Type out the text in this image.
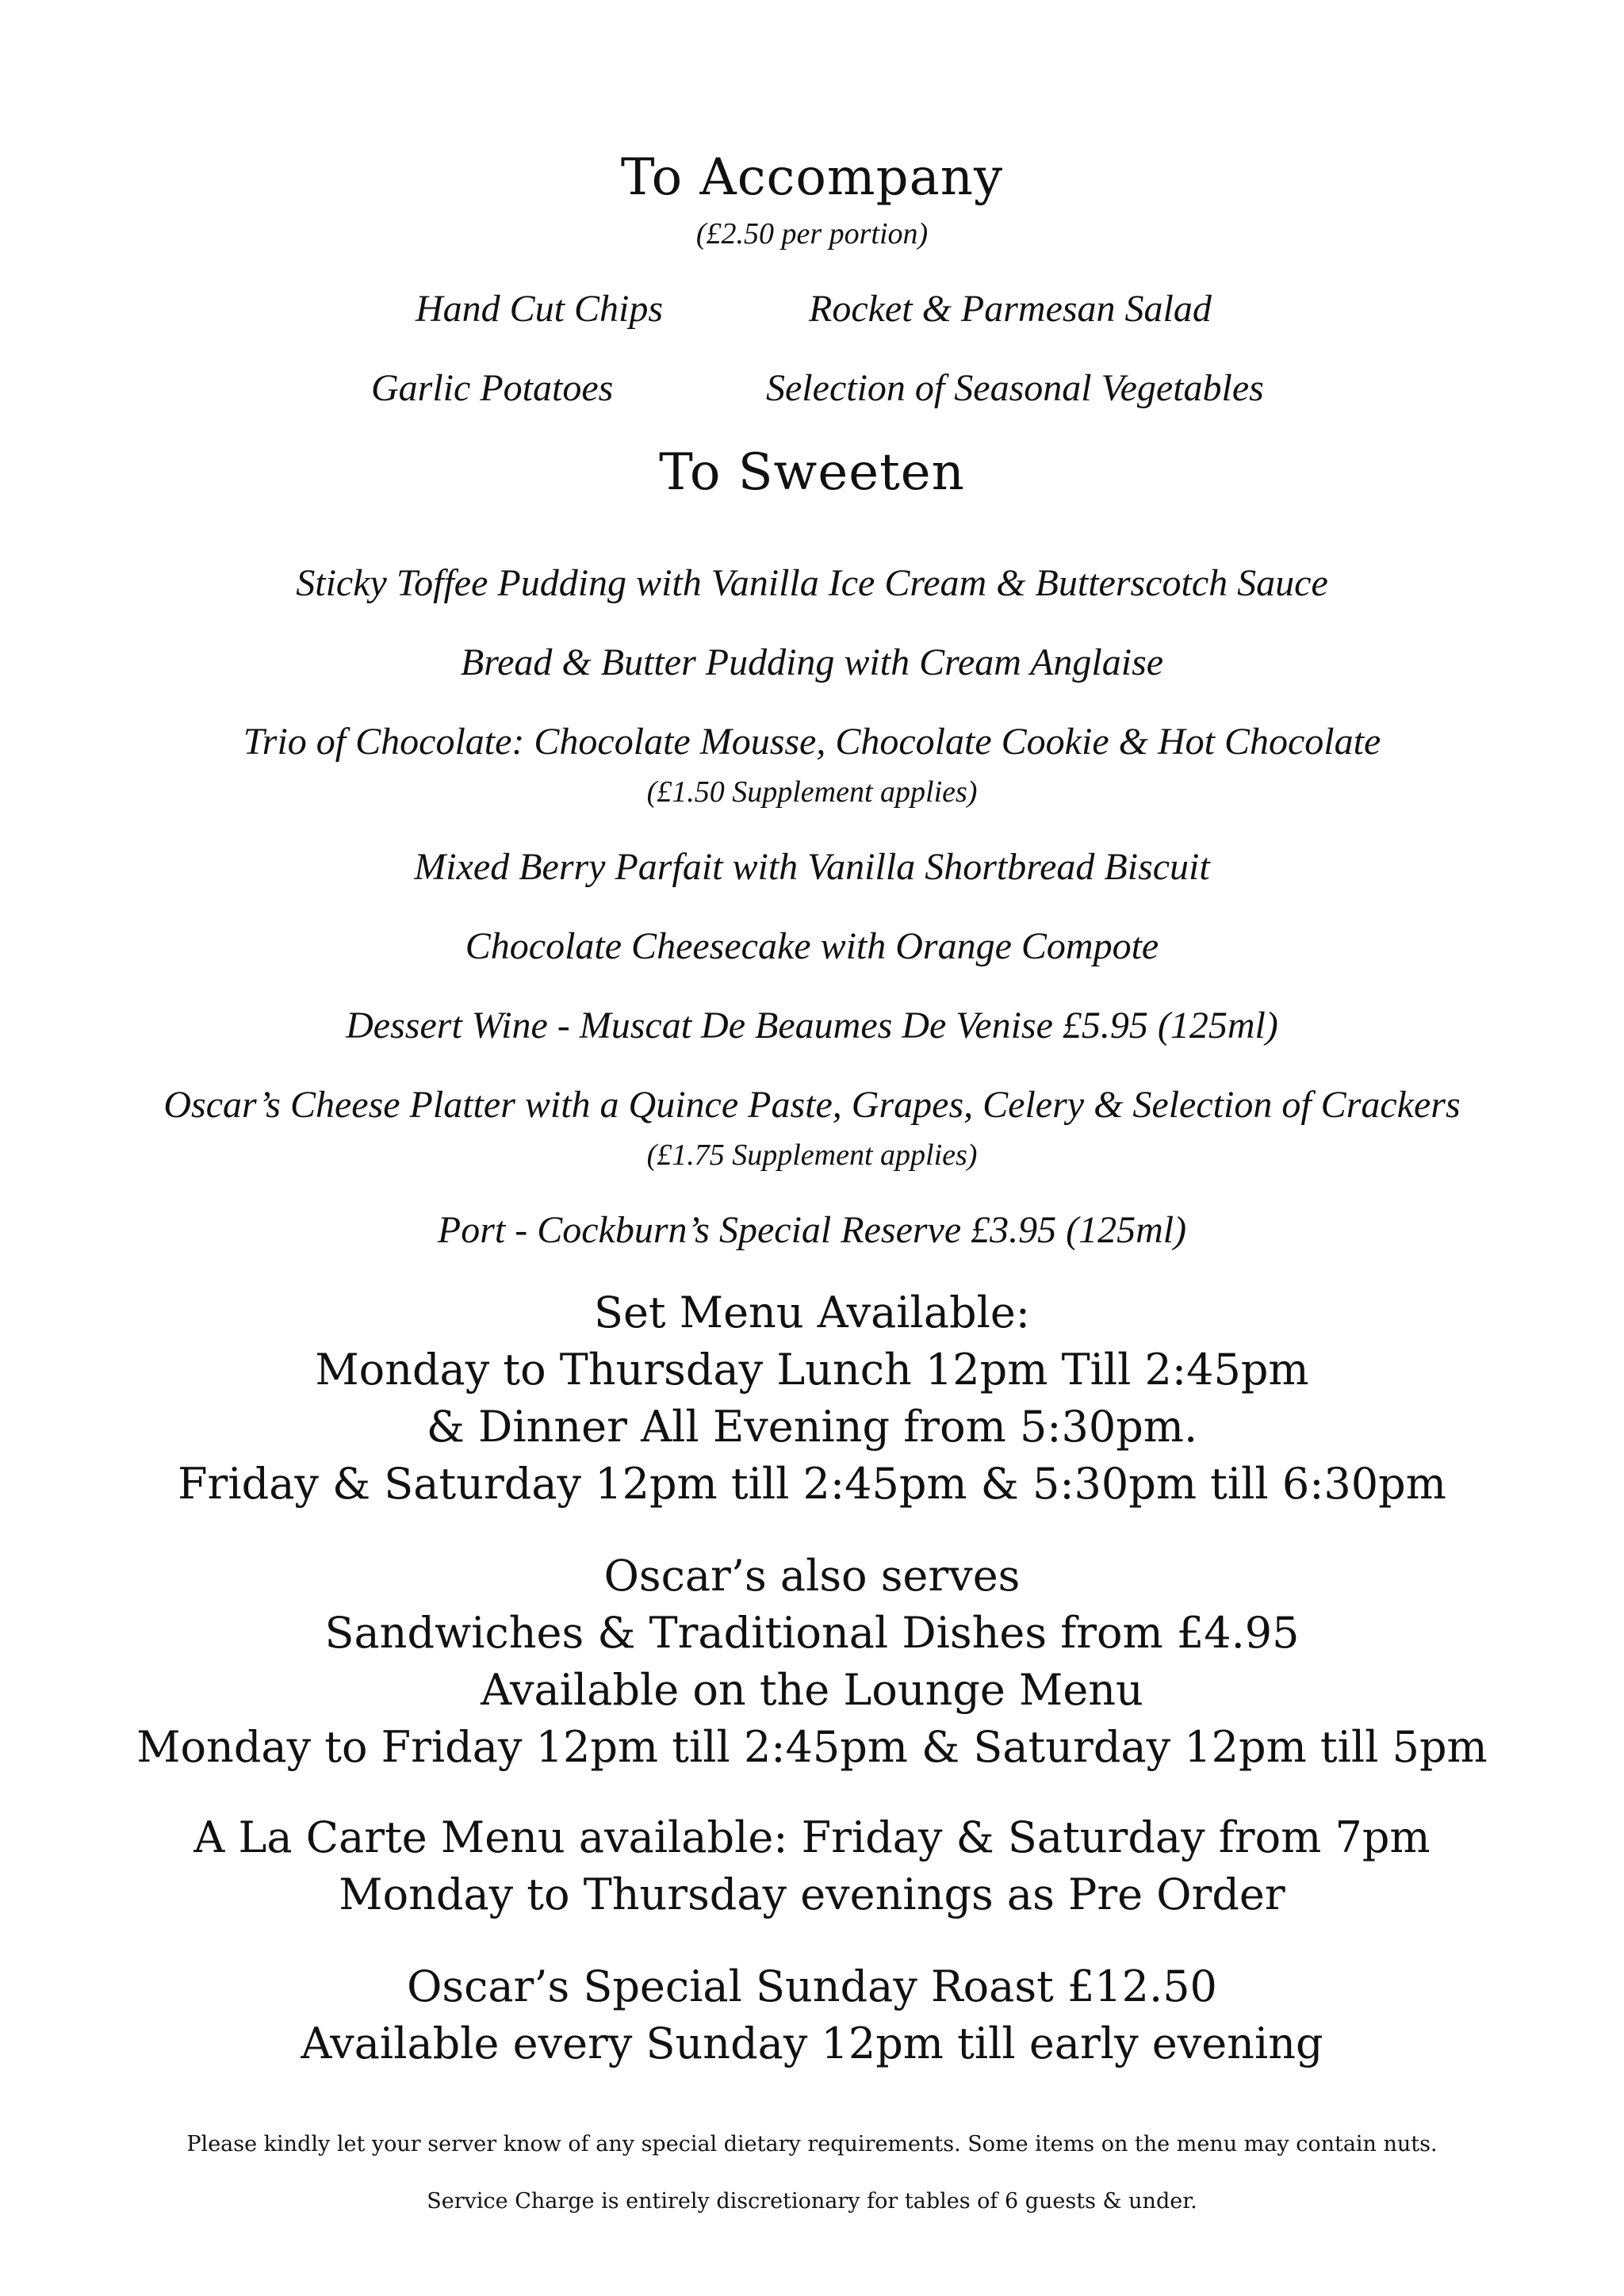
To Accompany
(£2.50 per portion)
Hand Cut Chips	Rocket & Parmesan Salad
Garlic Potatoes	Selection of Seasonal Vegetables
To Sweeten
Sticky Toffee Pudding with Vanilla Ice Cream & Butterscotch Sauce
Bread & Butter Pudding with Cream Anglaise
Trio of Chocolate: Chocolate Mousse, Chocolate Cookie & Hot Chocolate
(£1.50 Supplement applies)
Mixed Berry Parfait with Vanilla Shortbread Biscuit
Chocolate Cheesecake with Orange Compote
Dessert Wine - Muscat De Beaumes De Venise £5.95 (125ml)
Oscar’s Cheese Platter with a Quince Paste, Grapes, Celery & Selection of Crackers
(£1.75 Supplement applies)
Port - Cockburn’s Special Reserve £3.95 (125ml)
Set Menu Available:
Monday to Thursday Lunch 12pm Till 2:45pm
& Dinner All Evening from 5:30pm.
Friday & Saturday 12pm till 2:45pm & 5:30pm till 6:30pm
Oscar’s also serves
Sandwiches & Traditional Dishes from £4.95
Available on the Lounge Menu
Monday to Friday 12pm till 2:45pm & Saturday 12pm till 5pm
A La Carte Menu available: Friday & Saturday from 7pm
Monday to Thursday evenings as Pre Order
Oscar’s Special Sunday Roast £12.50
Available every Sunday 12pm till early evening
Please kindly let your server know of any special dietary requirements. Some items on the menu may contain nuts.
Service Charge is entirely discretionary for tables of 6 guests & under.
